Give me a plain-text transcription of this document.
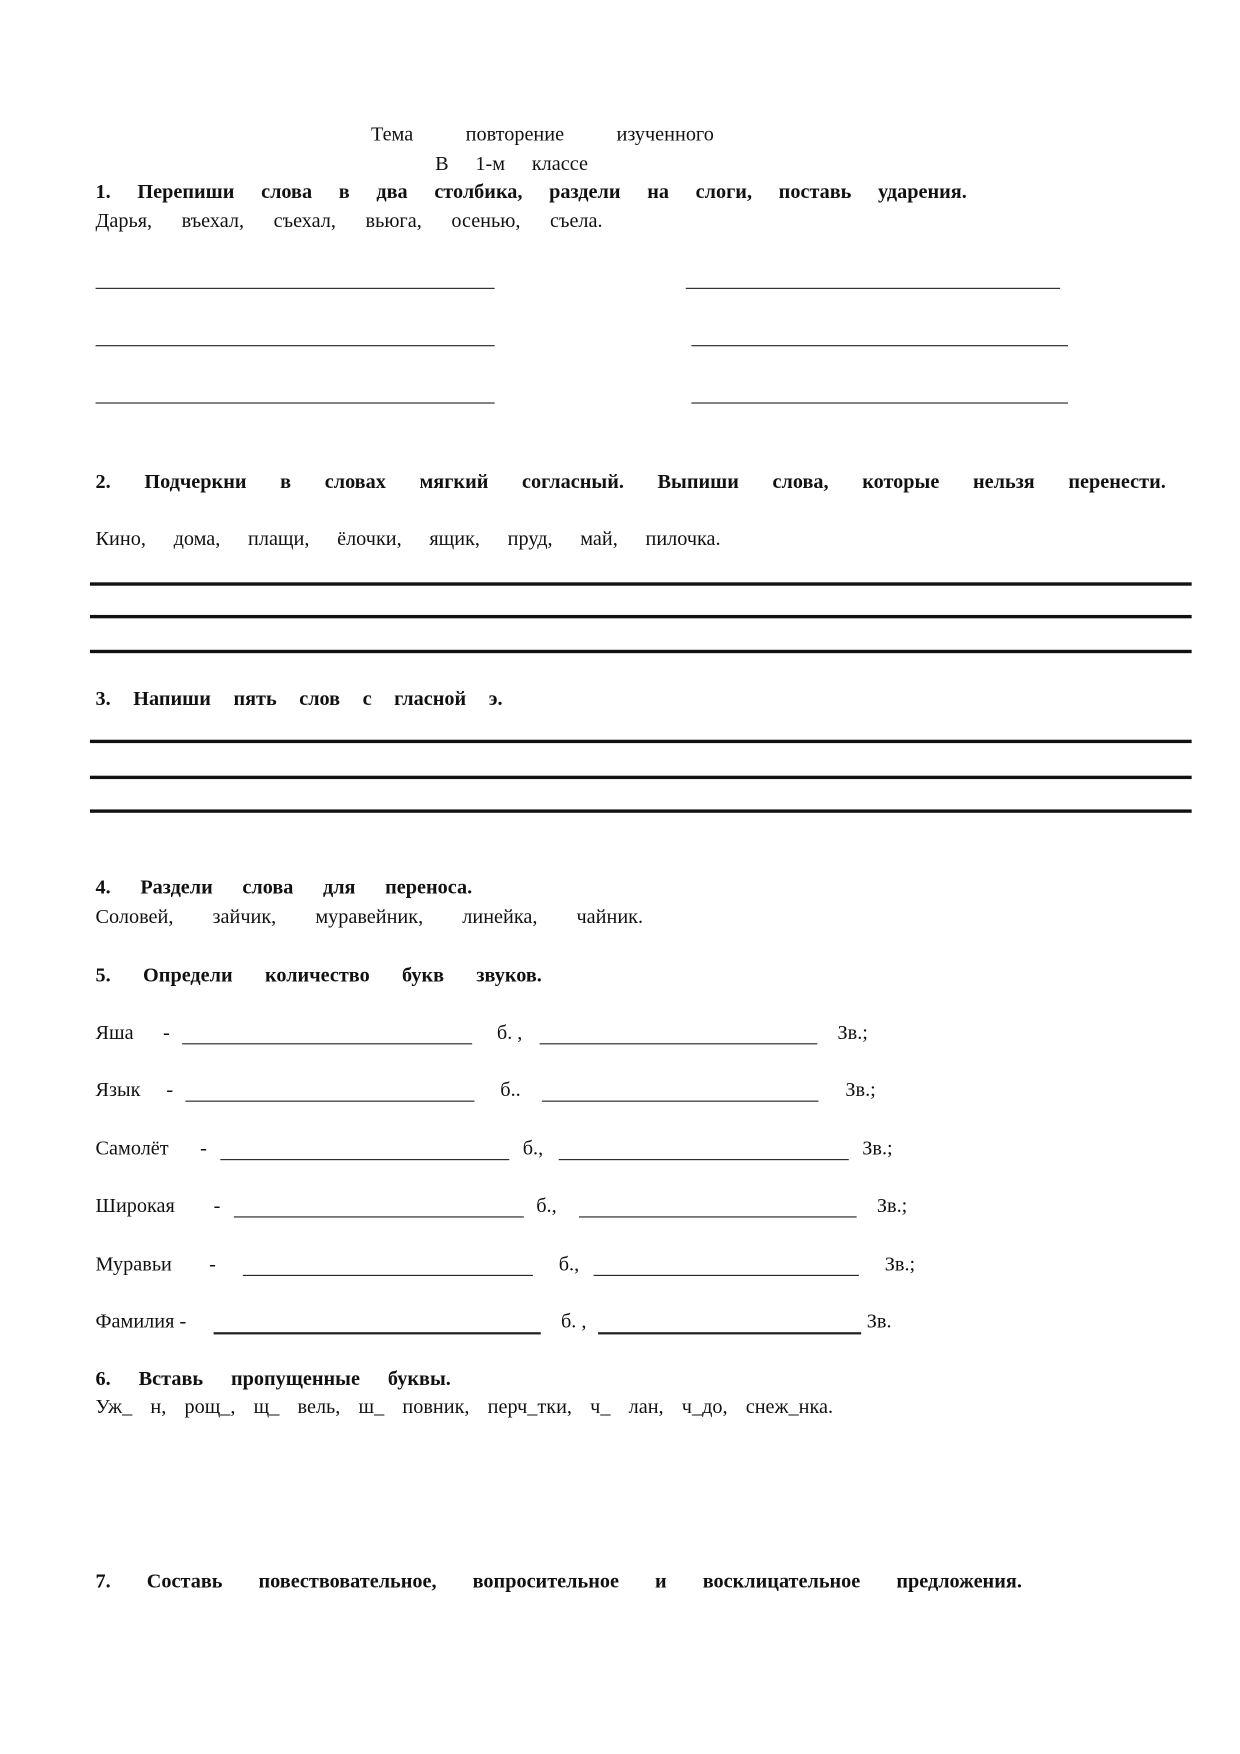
Тема повторение изученного
В 1-м классе
1. Перепиши слова в два столбика, раздели на слоги, поставь ударения.
Дарья, въехал, съехал, вьюга, осенью, съела.
2. Подчеркни в словах мягкий согласный. Выпиши слова, которые нельзя перенести.
Кино, дома, плащи, ёлочки, ящик, пруд, май, пилочка.
3. Напиши пять слов с гласной э.
4. Раздели слова для переноса.
Соловей, зайчик, муравейник, линейка, чайник.
5. Определи количество букв звуков.
Яша -	б. ,	Зв.;
Язык -	б..	Зв.;
Самолёт -	б.,	Зв.;
Широкая -	б.,	Зв.;
Муравьи -	б.,	Зв.;
Фамилия -	б. ,	Зв.
6. Вставь пропущенные буквы.
Уж_ н, рощ_, щ_ вель, ш_ повник, перч_тки, ч_ лан, ч_до, снеж_нка.
7. Составь повествовательное, вопросительное и восклицательное предложения.
